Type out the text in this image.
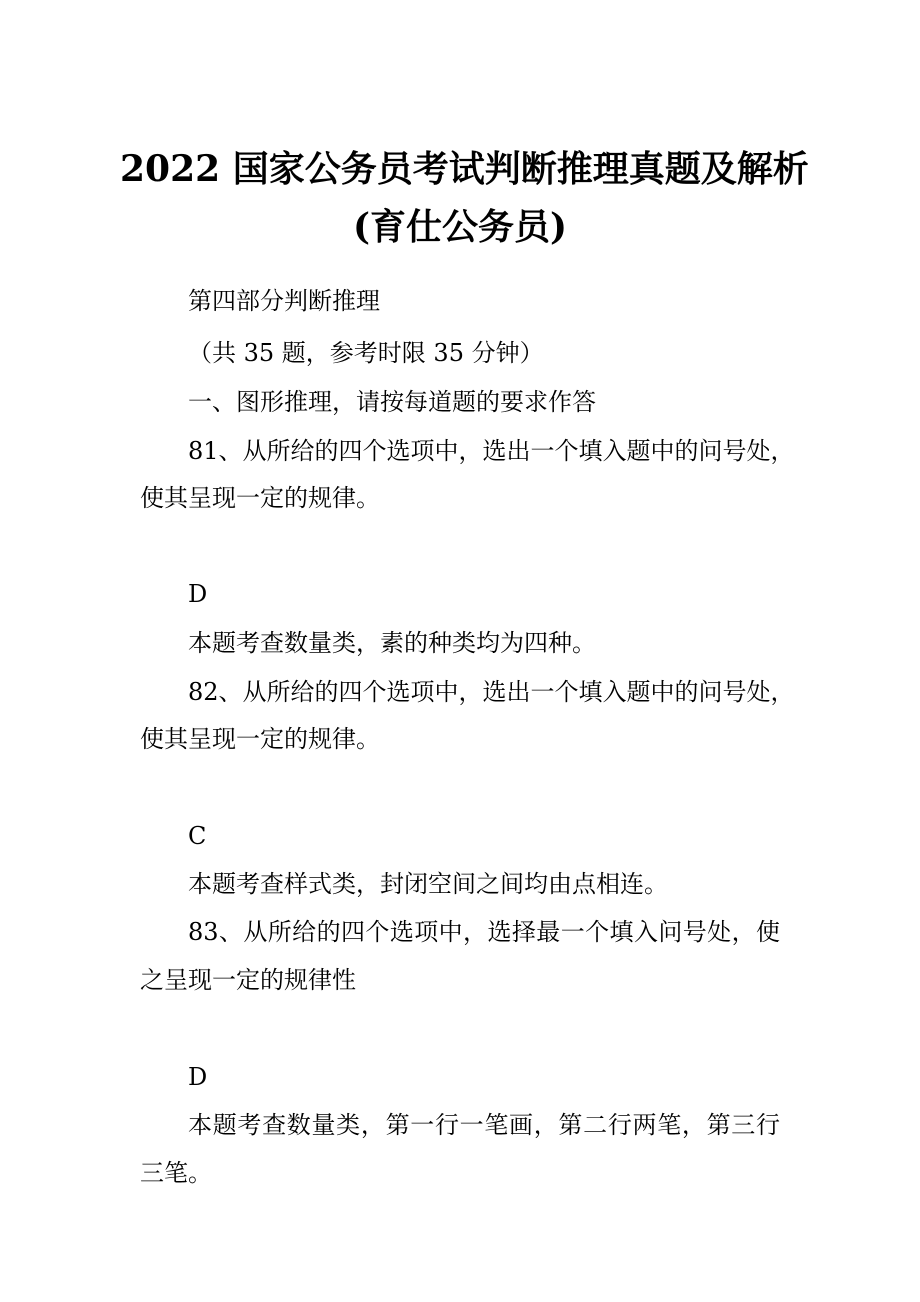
2022 国家公务员考试判断推理真题及解析
(育仕公务员)
第四部分判断推理
（共 35 题，参考时限 35 分钟）
一、图形推理，请按每道题的要求作答
81、从所给的四个选项中，选出一个填入题中的问号处，
使其呈现一定的规律。
D
本题考查数量类，素的种类均为四种。
82、从所给的四个选项中，选出一个填入题中的问号处，
使其呈现一定的规律。
C
本题考查样式类，封闭空间之间均由点相连。
83、从所给的四个选项中，选择最一个填入问号处，使
之呈现一定的规律性
D
本题考查数量类，第一行一笔画，第二行两笔，第三行
三笔。
